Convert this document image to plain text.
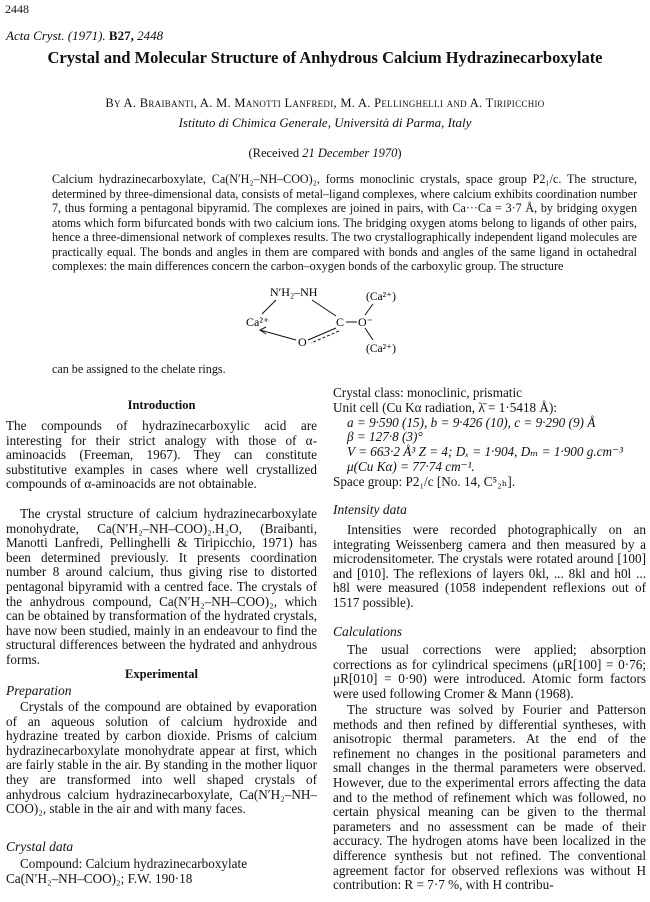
2448
Acta Cryst. (1971). B27, 2448
Crystal and Molecular Structure of Anhydrous Calcium Hydrazinecarboxylate
By A. Braibanti, A. M. Manotti Lanfredi, M. A. Pellinghelli and A. Tiripicchio
Istituto di Chimica Generale, Università di Parma, Italy
(Received 21 December 1970)
Calcium hydrazinecarboxylate, Ca(N′H₂–NH–COO)₂, forms monoclinic crystals, space group P2₁/c. The structure, determined by three-dimensional data, consists of metal–ligand complexes, where calcium exhibits coordination number 7, thus forming a pentagonal bipyramid. The complexes are joined in pairs, with Ca···Ca = 3·7 Å, by bridging oxygen atoms which form bifurcated bonds with two calcium ions. The bridging oxygen atoms belong to ligands of other pairs, hence a three-dimensional network of complexes results. The two crystallographically independent ligand molecules are practically equal. The bonds and angles in them are compared with bonds and angles of the same ligand in octahedral complexes: the main differences concern the carbon–oxygen bonds of the carboxylic group. The structure
N′H₂–NH	(Ca²⁺)
Ca²⁺	C O⁻
O	(Ca²⁺)
can be assigned to the chelate rings.
Introduction
The compounds of hydrazinecarboxylic acid are interesting for their strict analogy with those of α-aminoacids (Freeman, 1967). They can constitute substitutive examples in cases where well crystallized compounds of α-aminoacids are not obtainable.
The crystal structure of calcium hydrazinecarboxylate monohydrate, Ca(N′H₂–NH–COO)₂.H₂O, (Braibanti, Manotti Lanfredi, Pellinghelli & Tiripicchio, 1971) has been determined previously. It presents coordination number 8 around calcium, thus giving rise to distorted pentagonal bipyramid with a centred face. The crystals of the anhydrous compound, Ca(N′H₂–NH–COO)₂, which can be obtained by transformation of the hydrated crystals, have now been studied, mainly in an endeavour to find the structural differences between the hydrated and anhydrous forms.
Experimental
Preparation
Crystals of the compound are obtained by evaporation of an aqueous solution of calcium hydroxide and hydrazine treated by carbon dioxide. Prisms of calcium hydrazinecarboxylate monohydrate appear at first, which are fairly stable in the air. By standing in the mother liquor they are transformed into well shaped crystals of anhydrous calcium hydrazinecarboxylate, Ca(N′H₂–NH–COO)₂, stable in the air and with many faces.
Crystal data
Compound: Calcium hydrazinecarboxylate
Ca(N′H₂–NH–COO)₂; F.W. 190·18
Crystal class: monoclinic, prismatic
Unit cell (Cu Kα radiation, λ̄ = 1·5418 Å):
a = 9·590 (15), b = 9·426 (10), c = 9·290 (9) Å
β = 127·8 (3)°
V = 663·2 Å³ Z = 4; Dₓ = 1·904, Dₘ = 1·900 g.cm⁻³
μ(Cu Kα) = 77·74 cm⁻¹.
Space group: P2₁/c [No. 14, C⁵₂ₕ].
Intensity data
Intensities were recorded photographically on an integrating Weissenberg camera and then measured by a microdensitometer. The crystals were rotated around [100] and [010]. The reflexions of layers 0kl, ... 8kl and h0l ... h8l were measured (1058 independent reflexions out of 1517 possible).
Calculations
The usual corrections were applied; absorption corrections as for cylindrical specimens (μR[100] = 0·76; μR[010] = 0·90) were introduced. Atomic form factors were used following Cromer & Mann (1968).
The structure was solved by Fourier and Patterson methods and then refined by differential syntheses, with anisotropic thermal parameters. At the end of the refinement no changes in the positional parameters and small changes in the thermal parameters were observed. However, due to the experimental errors affecting the data and to the method of refinement which was followed, no certain physical meaning can be given to the thermal parameters and no assessment can be made of their accuracy. The hydrogen atoms have been localized in the difference synthesis but not refined. The conventional agreement factor for observed reflexions was without H contribution: R = 7·7 %, with H contribu-
